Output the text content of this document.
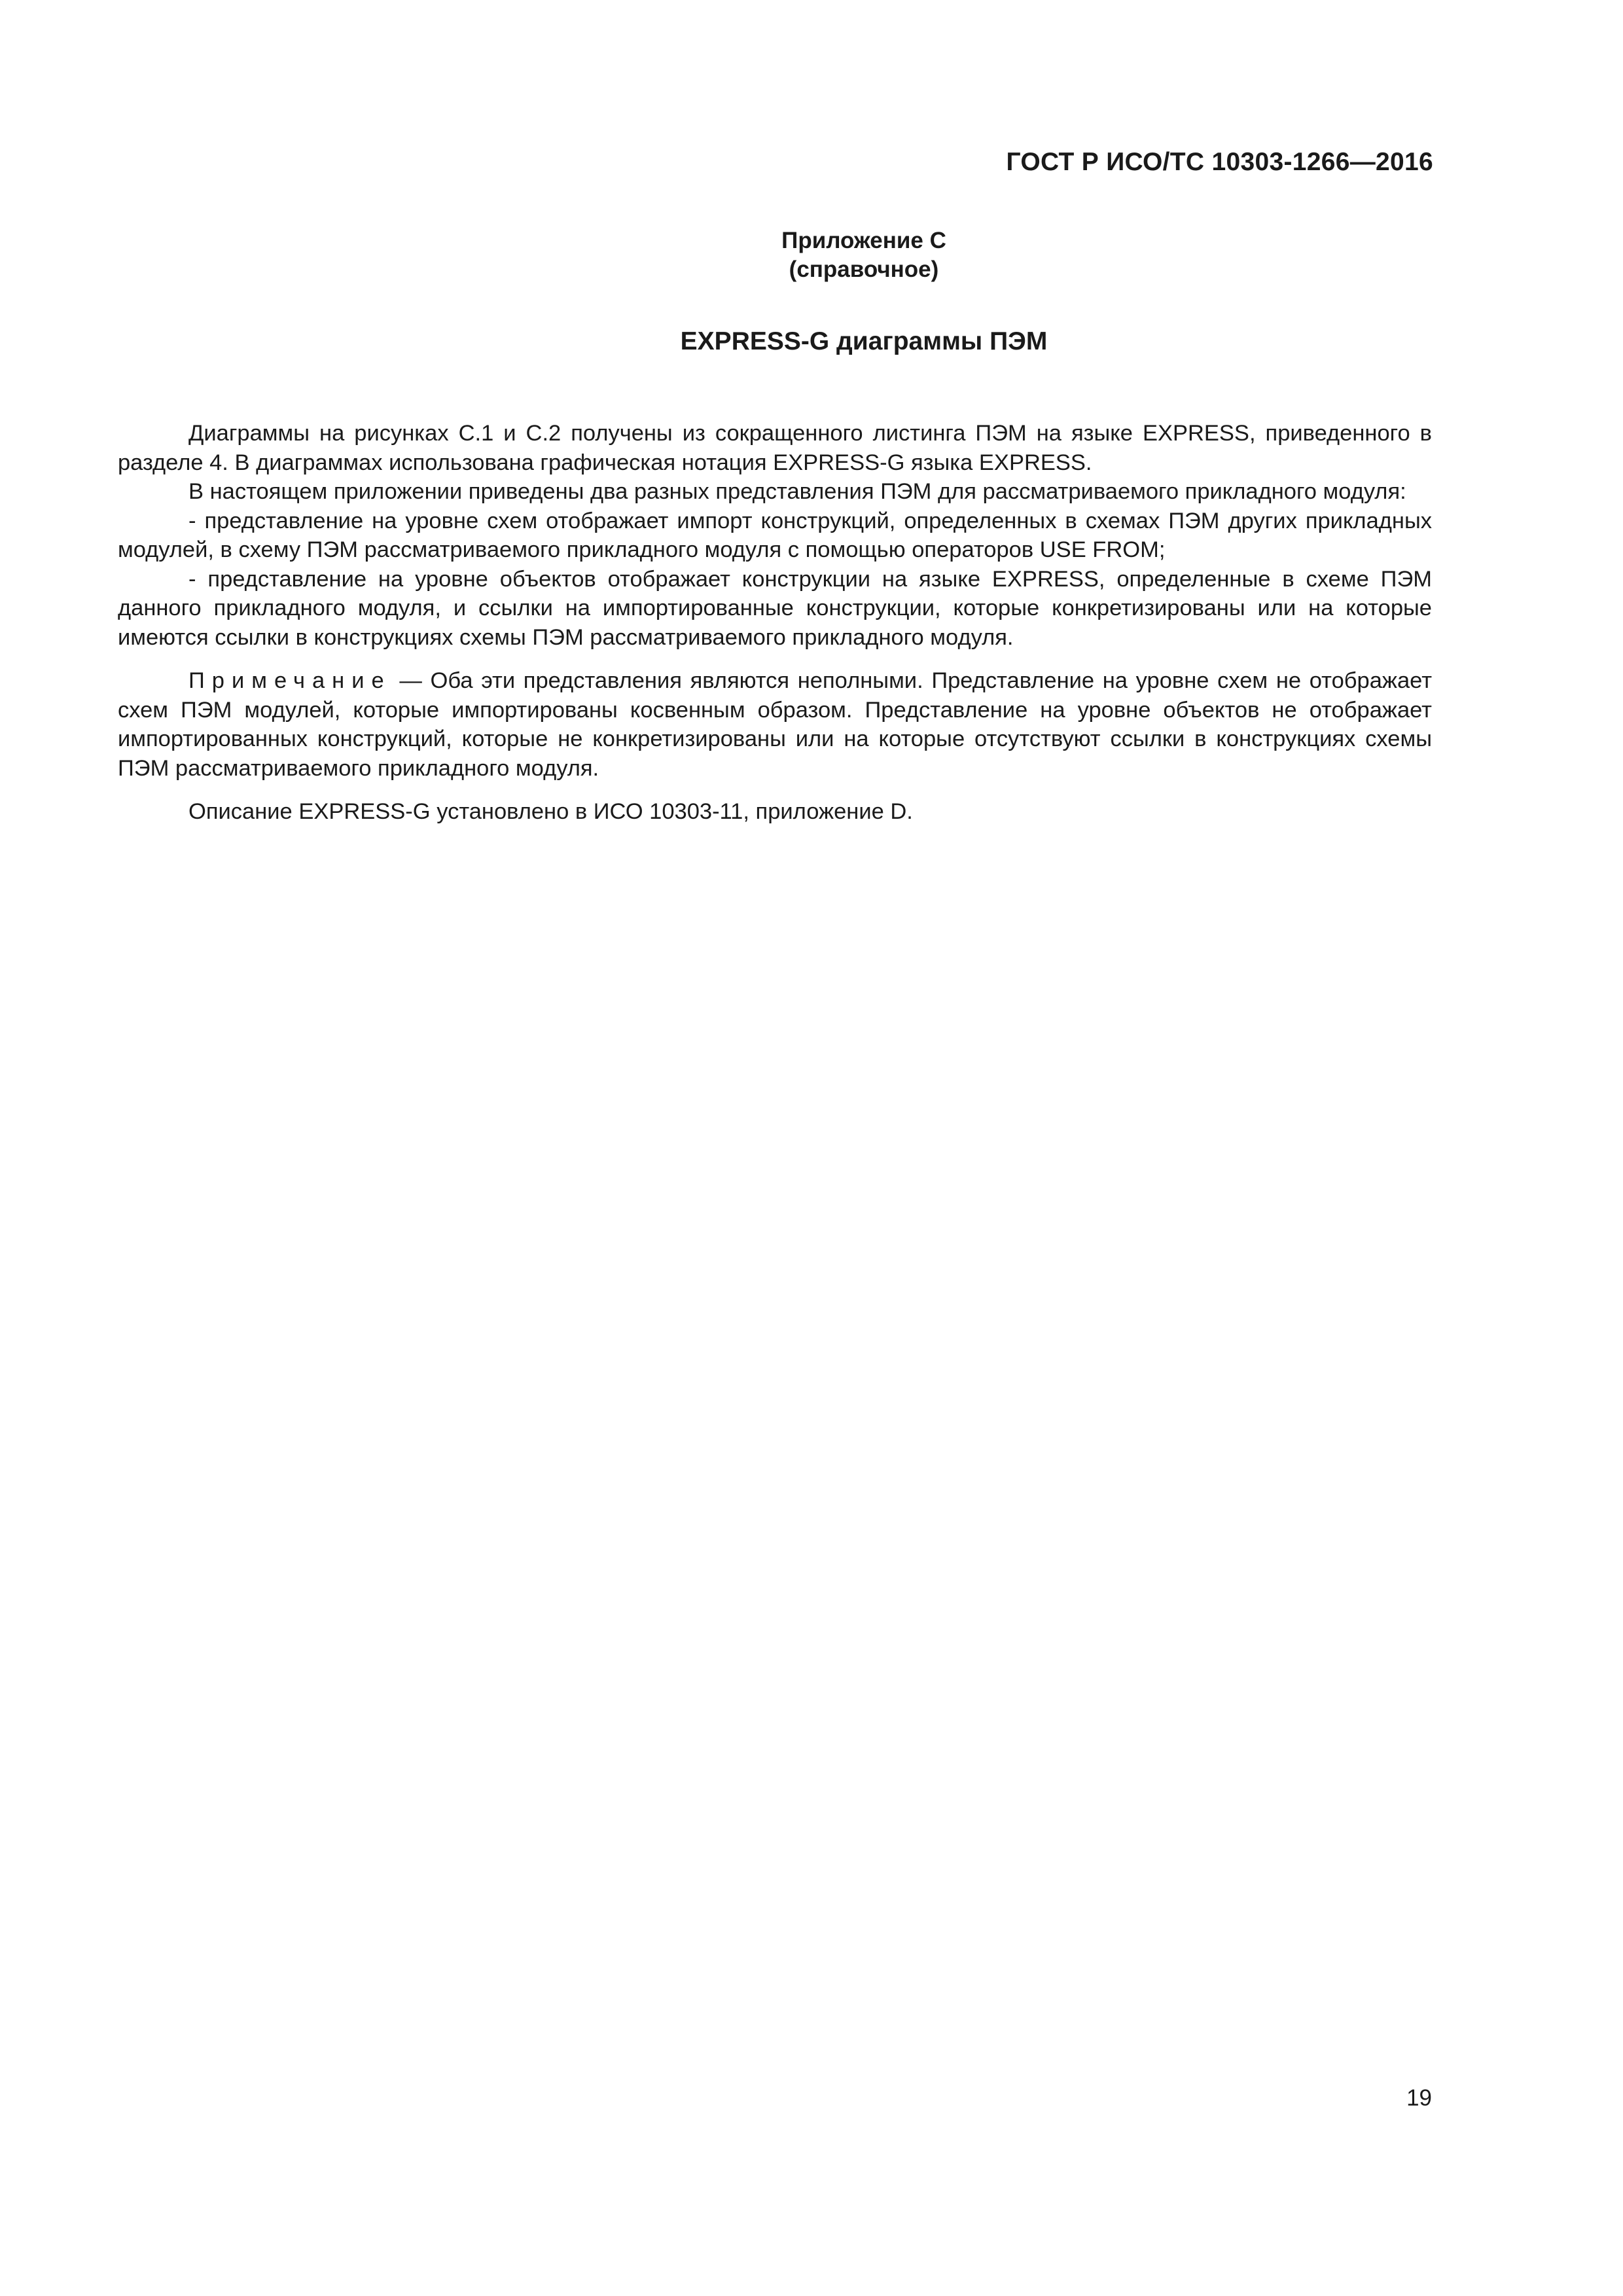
ГОСТ Р ИСО/ТС 10303-1266—2016
Приложение С
(справочное)
EXPRESS-G диаграммы ПЭМ

Диаграммы на рисунках С.1 и С.2 получены из сокращенного листинга ПЭМ на языке EXPRESS, приведенного в разделе 4. В диаграммах использована графическая нотация EXPRESS-G языка EXPRESS.

В настоящем приложении приведены два разных представления ПЭМ для рассматриваемого прикладного модуля:

- представление на уровне схем отображает импорт конструкций, определенных в схемах ПЭМ других прикладных модулей, в схему ПЭМ рассматриваемого прикладного модуля с помощью операторов USE FROM;

- представление на уровне объектов отображает конструкции на языке EXPRESS, определенные в схеме ПЭМ данного прикладного модуля, и ссылки на импортированные конструкции, которые конкретизированы или на которые имеются ссылки в конструкциях схемы ПЭМ рассматриваемого прикладного модуля.

Примечание — Оба эти представления являются неполными. Представление на уровне схем не отображает схем ПЭМ модулей, которые импортированы косвенным образом. Представление на уровне объектов не отображает импортированных конструкций, которые не конкретизированы или на которые отсутствуют ссылки в конструкциях схемы ПЭМ рассматриваемого прикладного модуля.

Описание EXPRESS-G установлено в ИСО 10303-11, приложение D.

19
